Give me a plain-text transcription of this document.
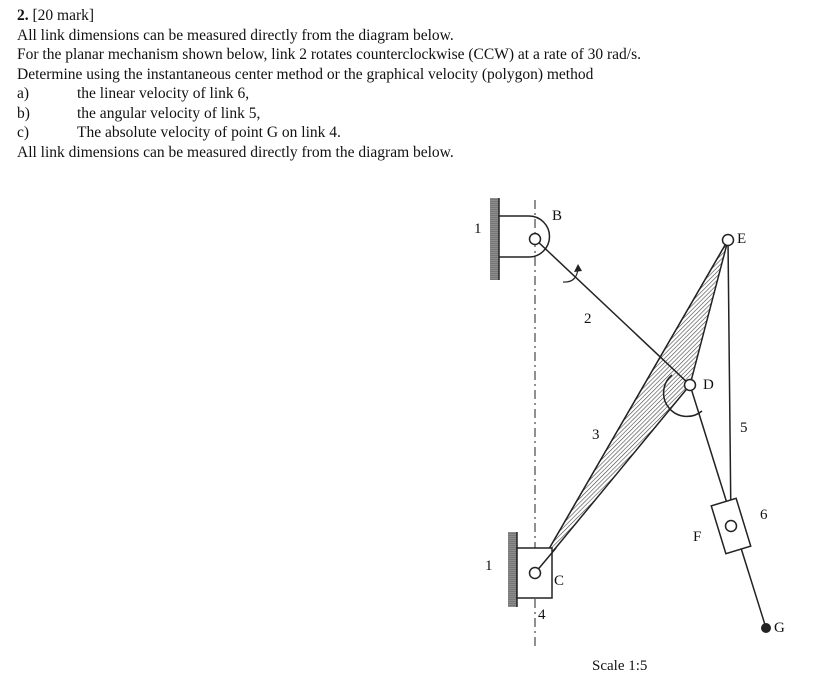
2. [20 mark]

All link dimensions can be measured directly from the diagram below.

For the planar mechanism shown below, link 2 rotates counterclockwise (CCW) at a rate of 30 rad/s.

Determine using the instantaneous center method or the graphical velocity (polygon) method

a)	the linear velocity of link 6,
b)	the angular velocity of link 5,
c)	The absolute velocity of point G on link 4.

All link dimensions can be measured directly from the diagram below.

1
1
B
C
D
E
F
G
2
3
4
5
6
Scale 1:5
